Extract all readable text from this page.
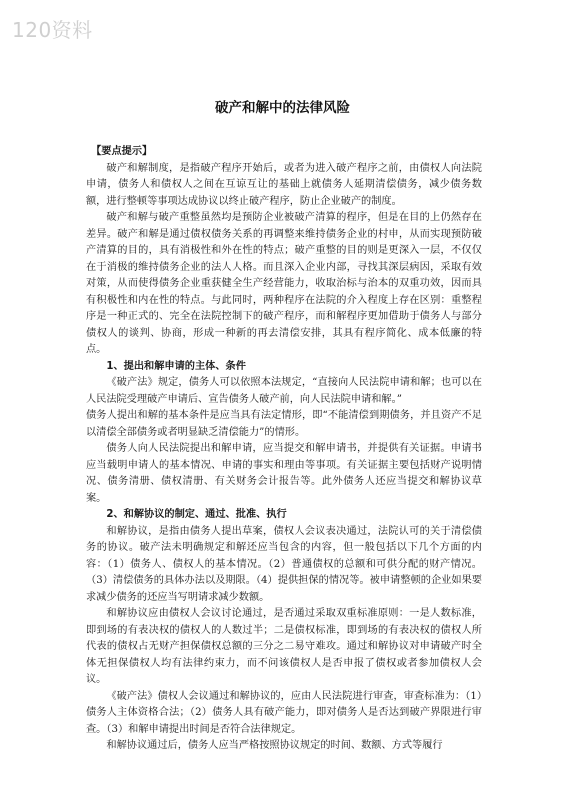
120资料
破产和解中的法律风险

【要点提示】

破产和解制度，是指破产程序开始后，或者为进入破产程序之前，由债权人向法院申请，债务人和债权人之间在互谅互让的基础上就债务人延期清偿债务，减少债务数额，进行整顿等事项达成协议以终止破产程序，防止企业破产的制度。

破产和解与破产重整虽然均是预防企业被破产清算的程序，但是在目的上仍然存在差异。破产和解是通过债权债务关系的再调整来维持债务企业的村申，从而实现预防破产清算的目的，具有消极性和外在性的特点；破产重整的目的则是更深入一层，不仅仅在于消极的维持债务企业的法人人格。而且深入企业内部，寻找其深层病因，采取有效对策，从而使得债务企业重获健全生产经营能力，收取治标与治本的双重功效，因而具有积极性和内在性的特点。与此同时，两种程序在法院的介入程度上存在区别：重整程序是一种正式的、完全在法院控制下的破产程序，而和解程序更加借助于债务人与部分债权人的谈判、协商，形成一种新的再去清偿安排，其具有程序简化、成本低廉的特点。

1、提出和解申请的主体、条件

《破产法》规定，债务人可以依照本法规定，“直接向人民法院申请和解；也可以在人民法院受理破产申请后、宣告债务人破产前，向人民法院申请和解。”

债务人提出和解的基本条件是应当具有法定情形，即“不能清偿到期债务，并且资产不足以清偿全部债务或者明显缺乏清偿能力”的情形。

债务人向人民法院提出和解申请，应当提交和解申请书，并提供有关证据。申请书应当载明申请人的基本情况、申请的事实和理由等事项。有关证据主要包括财产说明情况、债务清册、债权清册、有关财务会计报告等。此外债务人还应当提交和解协议草案。

2、和解协议的制定、通过、批准、执行

和解协议，是指由债务人提出草案，债权人会议表决通过，法院认可的关于清偿债务的协议。破产法未明确规定和解还应当包含的内容，但一般包括以下几个方面的内容：（1）债务人、债权人的基本情况。（2）普通债权的总额和可供分配的财产情况。（3）清偿债务的具体办法以及期限。（4）提供担保的情况等。被申请整顿的企业如果要求减少债务的还应当写明请求减少数额。

和解协议应由债权人会议讨论通过，是否通过采取双重标准原则：一是人数标准，即到场的有表决权的债权人的人数过半；二是债权标准，即到场的有表决权的债权人所代表的债权占无财产担保债权总额的三分之二易守难攻。通过和解协议对申请破产时全体无担保债权人均有法律约束力，而不问该债权人是否申报了债权或者参加债权人会议。

《破产法》债权人会议通过和解协议的，应由人民法院进行审查，审查标准为：（1）债务人主体资格合法；（2）债务人具有破产能力，即对债务人是否达到破产界限进行审查。（3）和解申请提出时间是否符合法律规定。

和解协议通过后，债务人应当严格按照协议规定的时间、数额、方式等履行
